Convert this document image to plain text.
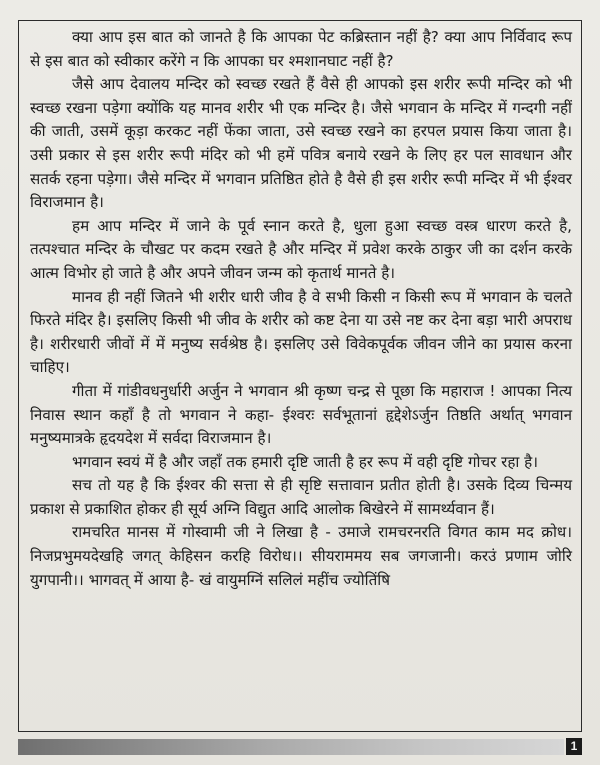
क्या आप इस बात को जानते है कि आपका पेट कब्रिस्तान नहीं है? क्या आप निर्विवाद रूप से इस बात को स्वीकार करेंगे न कि आपका घर श्मशानघाट नहीं है?

जैसे आप देवालय मन्दिर को स्वच्छ रखते हैं वैसे ही आपको इस शरीर रूपी मन्दिर को भी स्वच्छ रखना पड़ेगा क्योंकि यह मानव शरीर भी एक मन्दिर है। जैसे भगवान के मन्दिर में गन्दगी नहीं की जाती, उसमें कूड़ा करकट नहीं फेंका जाता, उसे स्वच्छ रखने का हरपल प्रयास किया जाता है। उसी प्रकार से इस शरीर रूपी मंदिर को भी हमें पवित्र बनाये रखने के लिए हर पल सावधान और सतर्क रहना पड़ेगा। जैसे मन्दिर में भगवान प्रतिष्ठित होते है वैसे ही इस शरीर रूपी मन्दिर में भी ईश्वर विराजमान है।

हम आप मन्दिर में जाने के पूर्व स्नान करते है, धुला हुआ स्वच्छ वस्त्र धारण करते है, तत्पश्चात मन्दिर के चौखट पर कदम रखते है और मन्दिर में प्रवेश करके ठाकुर जी का दर्शन करके आत्म विभोर हो जाते है और अपने जीवन जन्म को कृतार्थ मानते है।

मानव ही नहीं जितने भी शरीर धारी जीव है वे सभी किसी न किसी रूप में भगवान के चलते फिरते मंदिर है। इसलिए किसी भी जीव के शरीर को कष्ट देना या उसे नष्ट कर देना बड़ा भारी अपराध है। शरीरधारी जीवों में में मनुष्य सर्वश्रेष्ठ है। इसलिए उसे विवेकपूर्वक जीवन जीने का प्रयास करना चाहिए।

गीता में गांडीवधनुर्धारी अर्जुन ने भगवान श्री कृष्ण चन्द्र से पूछा कि महाराज ! आपका नित्य निवास स्थान कहाँ है तो भगवान ने कहा- ईश्वरः सर्वभूतानां हृद्देशेऽर्जुन तिष्ठति अर्थात् भगवान मनुष्यमात्रके हृदयदेश में सर्वदा विराजमान है।

भगवान स्वयं में है और जहाँ तक हमारी दृष्टि जाती है हर रूप में वही दृष्टि गोचर रहा है।

सच तो यह है कि ईश्वर की सत्ता से ही सृष्टि सत्तावान प्रतीत होती है। उसके दिव्य चिन्मय प्रकाश से प्रकाशित होकर ही सूर्य अग्नि विद्युत आदि आलोक बिखेरने में सामर्थ्यवान हैं।

रामचरित मानस में गोस्वामी जी ने लिखा है - उमाजे रामचरनरति विगत काम मद क्रोध। निजप्रभुमयदेखहि जगत् केहिसन करहि विरोध।। सीयराममय सब जगजानी। करउं प्रणाम जोरि युगपानी।। भागवत् में आया है- खं वायुमग्निं सलिलं महींच ज्योतिंषि

1
